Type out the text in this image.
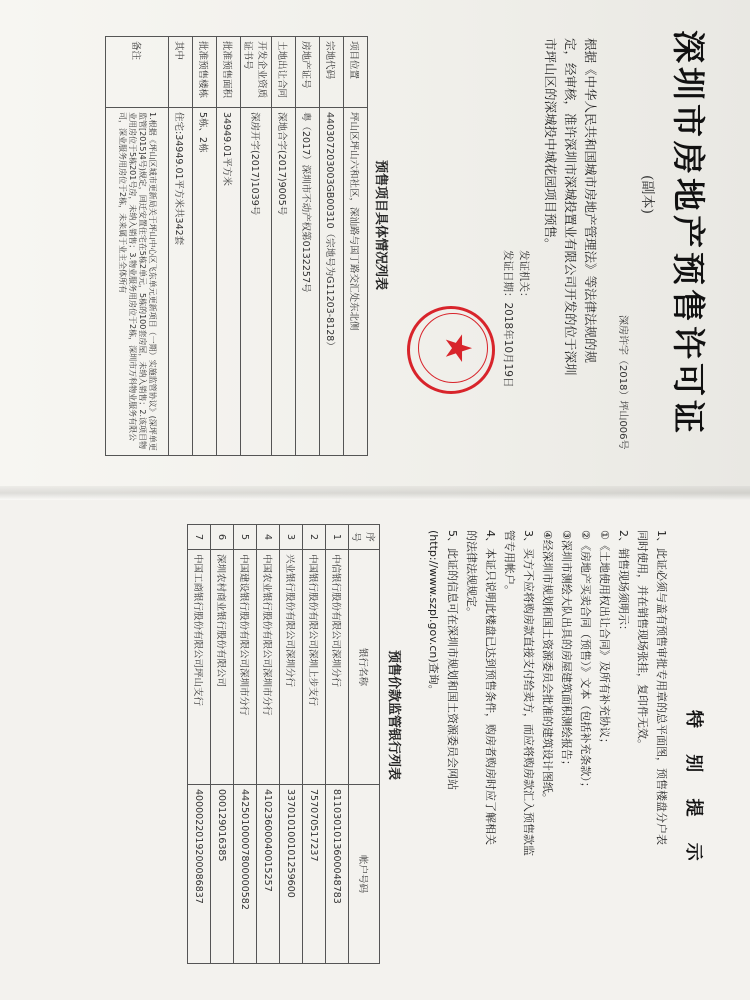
深圳市房地产预售许可证
(副本)
深房许字（2018）坪山006号
根据《中华人民共和国城市房地产管理法》等法律法规的规
定，经审核，准许深圳市深城投置业有限公司开发的位于深圳
市坪山区的深城投中城花园项目预售。
发证机关：
发证日期：2018年10月19日
★
预售项目具体情况列表
项目位置	坪山区坪山六和社区，深汕路与国丁路交汇处东北侧
宗地代码	440307203003GB00310（宗地号为G11203-8128）
房地产证号	粤（2017）深圳市不动产权第0132257号
土地出让合同	深地合字(2017)9005号
开发企业资质证书号	深房开字(2017)1039号
批准预售面积	34949.01平方米
批准预售楼栋	5栋、2栋
其中	住宅:34949.01平方米共342套
备注	1.根据《坪山区城市更新局关于坪山中心区飞东单元更新项目（一期）实施监管协议》(深坪单更监管[2015]4号)规定，回迁安置住宅在5栋2单元，5栋的100套房屋，未纳入销售；2.该项目物业用房位于5栋201号房，未纳入销售；3.物业服务用房位于2栋，深圳市万科物业服务有限公司，深业服务用房位于2栋，未来属于业主全体所有
特 别 提 示
1、此证必须与盖有预售审批专用章的总平面图，预售楼盘分户表
同时使用，并在销售现场张挂，复印件无效。
2、销售现场须明示：
①《土地使用权出让合同》及所有补充协议；
②《房地产买卖合同（预售）》文本（包括补充条款）；
③深圳市测绘大队出具的房屋建筑面积测绘报告；
④经深圳市规划和国土资源委员会批准的建筑设计图纸。
3、买方不应将购房款直接支付给卖方，而应将购房款汇入预售款监
管专用帐户。
4、本证只说明此楼盘已达到预售条件，购房者购房时应了解相关
的法律法规规定。
5、此证的信息可在深圳市规划和国土资源委员会网站
(http://www.szpl.gov.cn)查询。
预售价款监管银行列表
序号	银行名称	帐户号码
1	中信银行股份有限公司深圳分行	8110301013600048783
2	中国银行股份有限公司深圳上步支行	757070517237
3	兴业银行股份有限公司深圳分行	337010100101259600
4	中国农业银行股份有限公司深圳市分行	41023600040015257
5	中国建设银行股份有限公司深圳市分行	44250100007800000582
6	深圳农村商业银行股份有限公司	000129016385
7	中国工商银行股份有限公司坪山支行	4000022019200086837
